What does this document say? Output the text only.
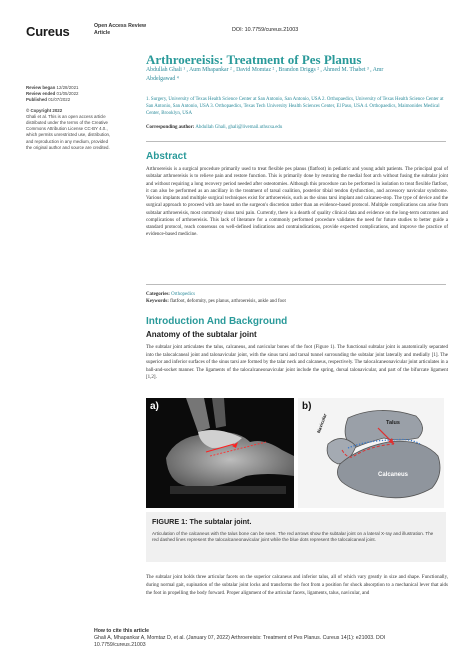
Cureus	Open Access Review
Article	DOI: 10.7759/cureus.21003
Review began 12/28/2021
Review ended 01/05/2022
Published 01/07/2022
© Copyright 2022
Ghali et al. This is an open access article
distributed under the terms of the Creative
Commons Attribution License CC-BY 4.0.,
which permits unrestricted use, distribution,
and reproduction in any medium, provided
the original author and source are credited.
Arthroereisis: Treatment of Pes Planus
Abdullah Ghali ¹ , Aum Mhapankar ² , David Momtaz ² , Brandon Driggs ² , Ahmed M. Thabet ³ , Amr
Abdelgawad ⁴
1. Surgery, University of Texas Health Science Center at San Antonio, San Antonio, USA 2. Orthopaedics, University of Texas Health Science Center at San Antonio, San Antonio, USA 3. Orthopaedics, Texas Tech University Health Sciences Center, El Paso, USA 4. Orthopaedics, Maimonides Medical Center, Brooklyn, USA
Corresponding author: Abdullah Ghali, ghali@livemail.uthscsa.edu
Abstract
Arthroereisis is a surgical procedure primarily used to treat flexible pes planus (flatfoot) in pediatric and young adult patients. The principal goal of subtalar arthroereisis is to relieve pain and restore function. This is primarily done by restoring the medial foot arch without fusing the subtalar joint and without requiring a long recovery period needed after osteotomies. Although this procedure can be performed in isolation to treat flexible flatfoot, it can also be performed as an ancillary in the treatment of tarsal coalition, posterior tibial tendon dysfunction, and accessory navicular syndrome. Various implants and multiple surgical techniques exist for arthroereisis, such as the sinus tarsi implant and calcaneo-stop. The type of device and the surgical approach to proceed with are based on the surgeon's discretion rather than an evidence-based protocol. Multiple complications can arise from subtalar arthroereisis, most commonly sinus tarsi pain. Currently, there is a dearth of quality clinical data and evidence on the long-term outcomes and complications of arthroereisis. This lack of literature for a commonly performed procedure validates the need for future studies to better guide a standard protocol, reach consensus on well-defined indications and contraindications, provide expected complications, and improve the practice of evidence-based medicine.
Categories: Orthopedics
Keywords: flatfoot, deformity, pes planus, arthroereisis, ankle and foot
Introduction And Background
Anatomy of the subtalar joint
The subtalar joint articulates the talus, calcaneus, and navicular bones of the foot (Figure 1). The functional subtalar joint is anatomically separated into the talocalcaneal joint and talonavicular joint, with the sinus tarsi and tarsal tunnel surrounding the subtalar joint laterally and medially [1]. The superior and inferior surfaces of the sinus tarsi are formed by the talar neck and calcaneus, respectively. The talocalcaneonavicular joint articulates in a ball-and-socket manner. The ligaments of the talocalcaneonavicular joint include the spring, dorsal talonavicular, and part of the bifurcate ligament [1,2].
a)	b)
Talus
Navicular
Calcaneus
FIGURE 1: The subtalar joint.
Articulation of the calcaneus with the talus bone can be seen. The red arrows show the subtalar joint on a lateral X-ray and illustration. The red dashed lines represent the talocalcaneonavicular joint while the blue dots represent the talocalcaneal joint.
The subtalar joint holds three articular facets on the superior calcaneus and inferior talus, all of which vary greatly in size and shape. Functionally, during normal gait, supination of the subtalar joint locks and transforms the foot from a position for shock absorption to a mechanical lever that aids the foot in propelling the body forward. Proper alignment of the articular facets, ligaments, talus, navicular, and
How to cite this article
Ghali A, Mhapankar A, Momtaz D, et al. (January 07, 2022) Arthroereisis: Treatment of Pes Planus. Cureus 14(1): e21003. DOI 10.7759/cureus.21003
